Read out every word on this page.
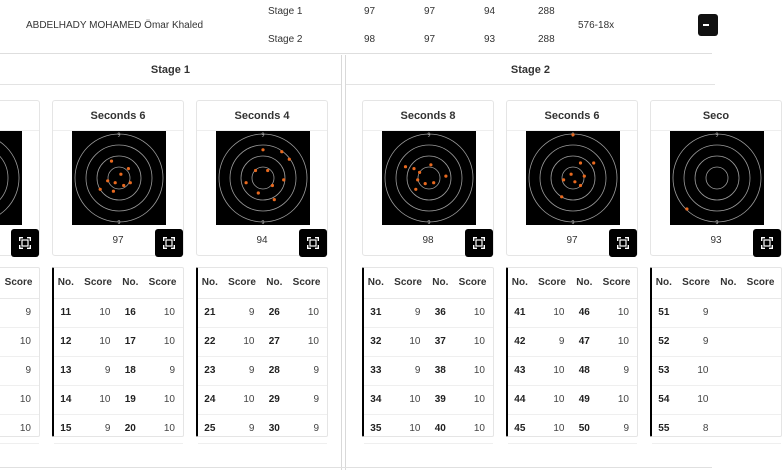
ABDELHADY MOHAMED Ömar Khaled
Stage 1	97	97	94	288
Stage 2	98	97	93	288
576-18x
Stage 1	Stage 2
Seconds 6
9
9
97
Seconds 4
9
9
94
Seconds 8
9
9
98
Seconds 6
9
97
Seco
9
9
93
			Score
			9
			10
			9
			10
			10
No.	Score	No.	Score
11	10	16	10
12	10	17	10
13	9	18	9
14	10	19	10
15	9	20	10
No.	Score	No.	Score
21	9	26	10
22	10	27	10
23	9	28	9
24	10	29	9
25	9	30	9
No.	Score	No.	Score
31	9	36	10
32	10	37	10
33	9	38	10
34	10	39	10
35	10	40	10
No.	Score	No.	Score
41	10	46	10
42	9	47	10
43	10	48	9
44	10	49	10
45	10	50	9
No.	Score	No.	Score
51	9		
52	9		
53	10		
54	10		
55	8		
